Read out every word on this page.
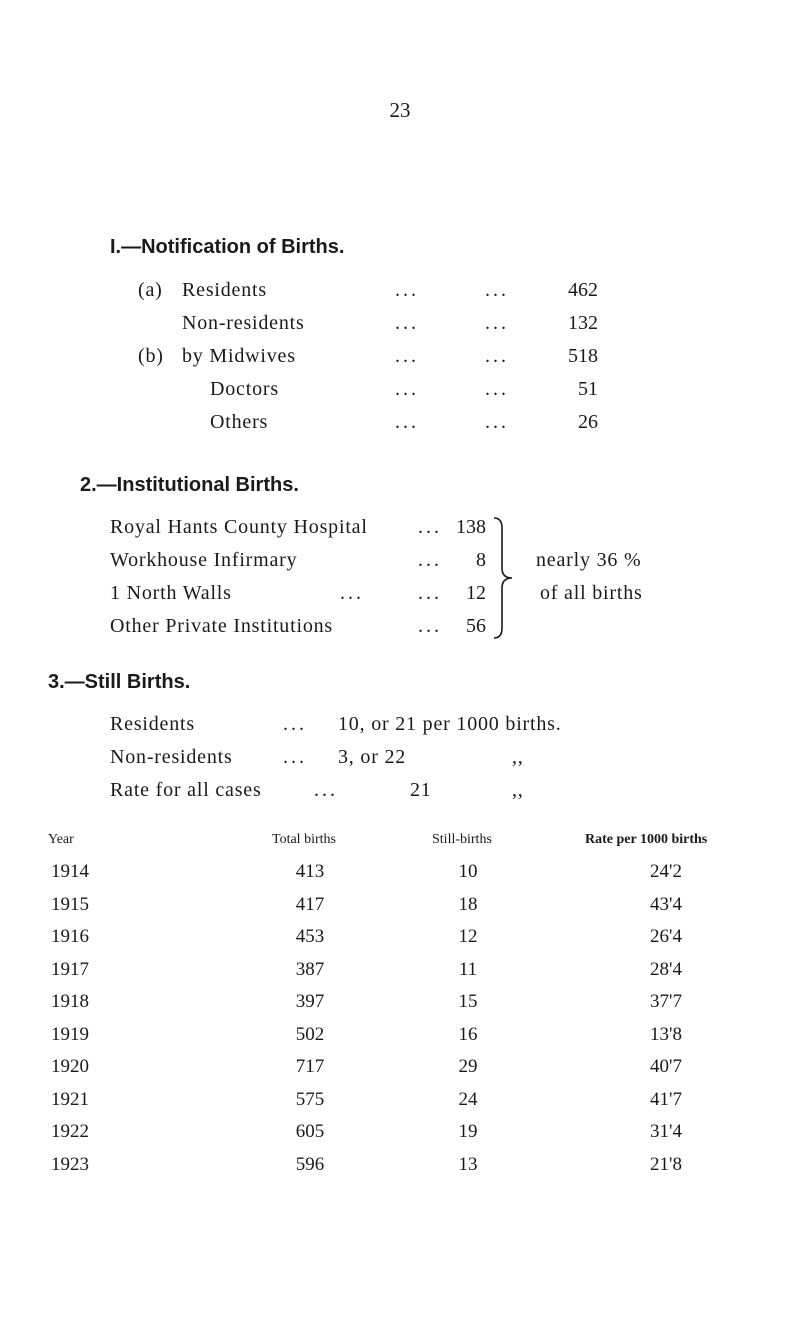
23
I.—Notification of Births.
(a) Residents	...	...	462
Non-residents	...	...	132
(b) by Midwives	...	...	518
Doctors	...	...	51
Others	...	...	26
2.—Institutional Births.
Royal Hants County Hospital	... 138
Workhouse Infirmary	...	8
1 North Walls	...	...	12
Other Private Institutions	...	56
nearly 36 %
of all births
3.—Still Births.
Residents	... 10, or 21 per 1000 births.
Non-residents	... 3, or 22	,,
Rate for all cases	...	21	,,
Year	Total births	Still-births	Rate per 1000 births
1914	413	10	24'2
1915	417	18	43'4
1916	453	12	26'4
1917	387	11	28'4
1918	397	15	37'7
1919	502	16	13'8
1920	717	29	40'7
1921	575	24	41'7
1922	605	19	31'4
1923	596	13	21'8
